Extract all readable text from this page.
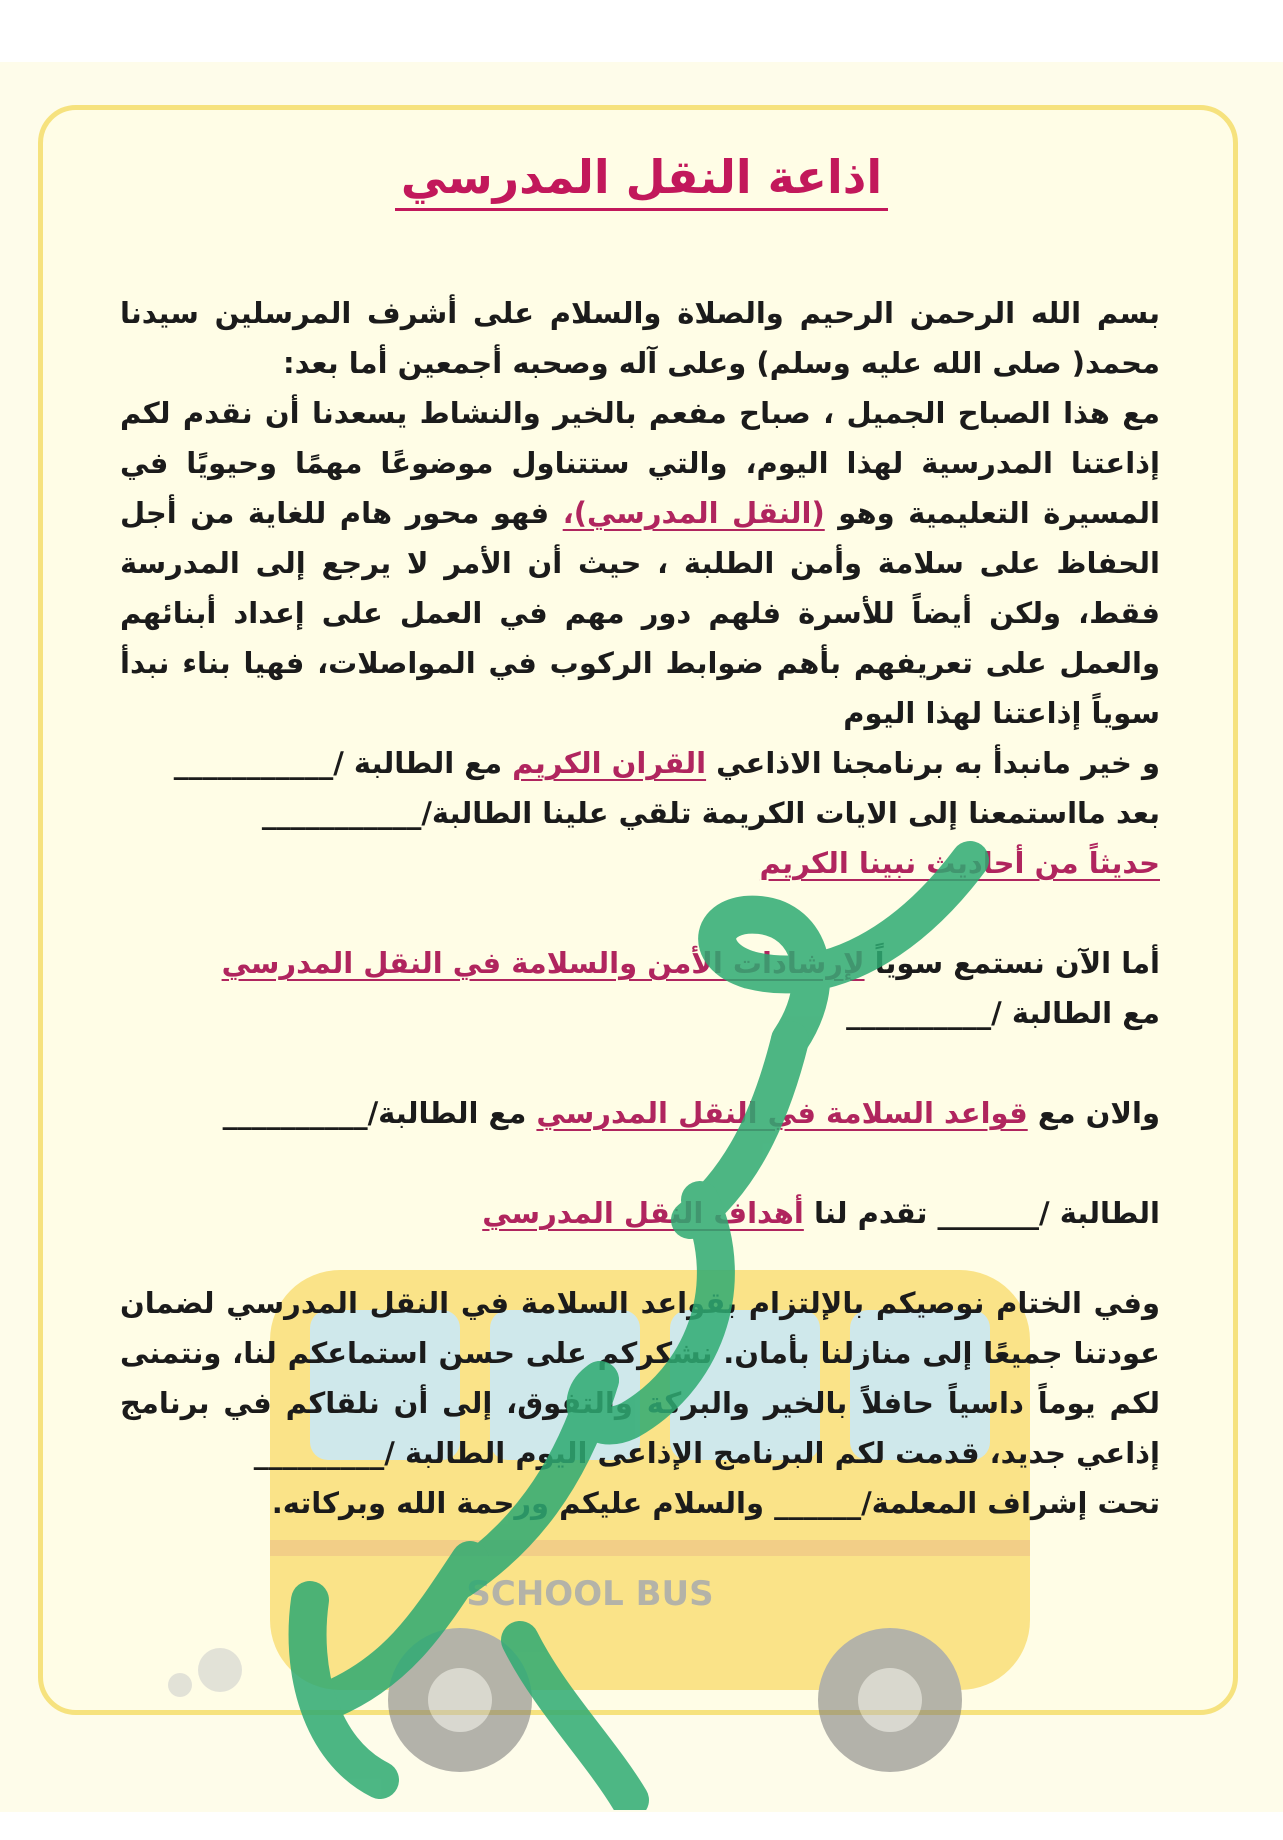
SCHOOL BUS
اذاعة النقل المدرسي

بسم الله الرحمن الرحيم والصلاة والسلام على أشرف المرسلين سيدنا محمد( صلى الله عليه وسلم) وعلى آله وصحبه أجمعين أما بعد:

مع هذا الصباح الجميل ، صباح مفعم بالخير والنشاط يسعدنا أن نقدم لكم إذاعتنا المدرسية لهذا اليوم، والتي ستتناول موضوعًا مهمًا وحيويًا في المسيرة التعليمية وهو (النقل المدرسي)، فهو محور هام للغاية من أجل الحفاظ على سلامة وأمن الطلبة ، حيث أن الأمر لا يرجع إلى المدرسة فقط، ولكن أيضاً للأسرة فلهم دور مهم في العمل على إعداد أبنائهم والعمل على تعريفهم بأهم ضوابط الركوب في المواصلات، فهيا بناء نبدأ سوياً إذاعتنا لهذا اليوم

و خير مانبدأ به برنامجنا الاذاعي القران الكريم مع الطالبة /___________

بعد مااستمعنا إلى الايات الكريمة تلقي علينا الطالبة/___________

حديثاً من أحاديث نبينا الكريم

أما الآن نستمع سوياً لإرشادات الأمن والسلامة في النقل المدرسي

مع الطالبة /__________

والان مع قواعد السلامة في النقل المدرسي مع الطالبة/__________

الطالبة /_______ تقدم لنا أهداف النقل المدرسي

وفي الختام نوصيكم بالإلتزام بقواعد السلامة في النقل المدرسي لضمان عودتنا جميعًا إلى منازلنا بأمان. نشكركم على حسن استماعكم لنا، ونتمنى لكم يوماً داسياً حافلاً بالخير والبركة والتفوق، إلى أن نلقاكم في برنامج إذاعي جديد، قدمت لكم البرنامج الإذاعى اليوم الطالبة /_________

تحت إشراف المعلمة/______ والسلام عليكم ورحمة الله وبركاته.
